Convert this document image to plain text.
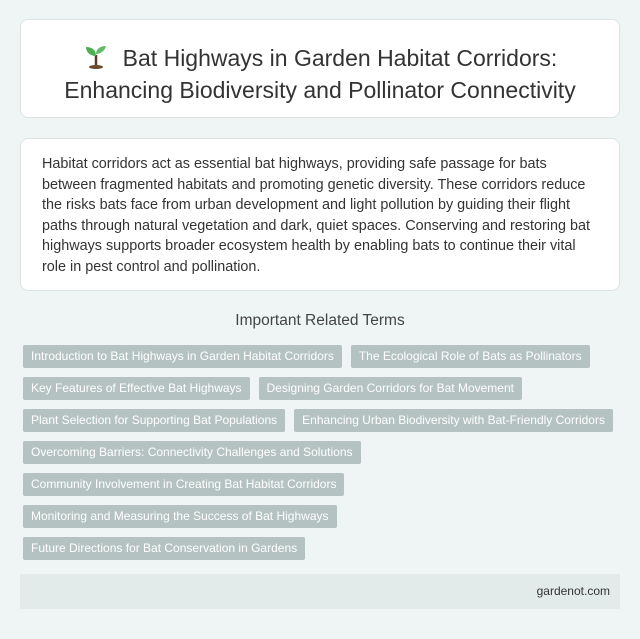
Bat Highways in Garden Habitat Corridors:
Enhancing Biodiversity and Pollinator Connectivity

Habitat corridors act as essential bat highways, providing safe passage for bats between fragmented habitats and promoting genetic diversity. These corridors reduce the risks bats face from urban development and light pollution by guiding their flight paths through natural vegetation and dark, quiet spaces. Conserving and restoring bat highways supports broader ecosystem health by enabling bats to continue their vital role in pest control and pollination.

Important Related Terms
Introduction to Bat Highways in Garden Habitat Corridors	The Ecological Role of Bats as Pollinators
Key Features of Effective Bat Highways	Designing Garden Corridors for Bat Movement
Plant Selection for Supporting Bat Populations	Enhancing Urban Biodiversity with Bat-Friendly Corridors
Overcoming Barriers: Connectivity Challenges and Solutions
Community Involvement in Creating Bat Habitat Corridors
Monitoring and Measuring the Success of Bat Highways
Future Directions for Bat Conservation in Gardens
gardenot.com
